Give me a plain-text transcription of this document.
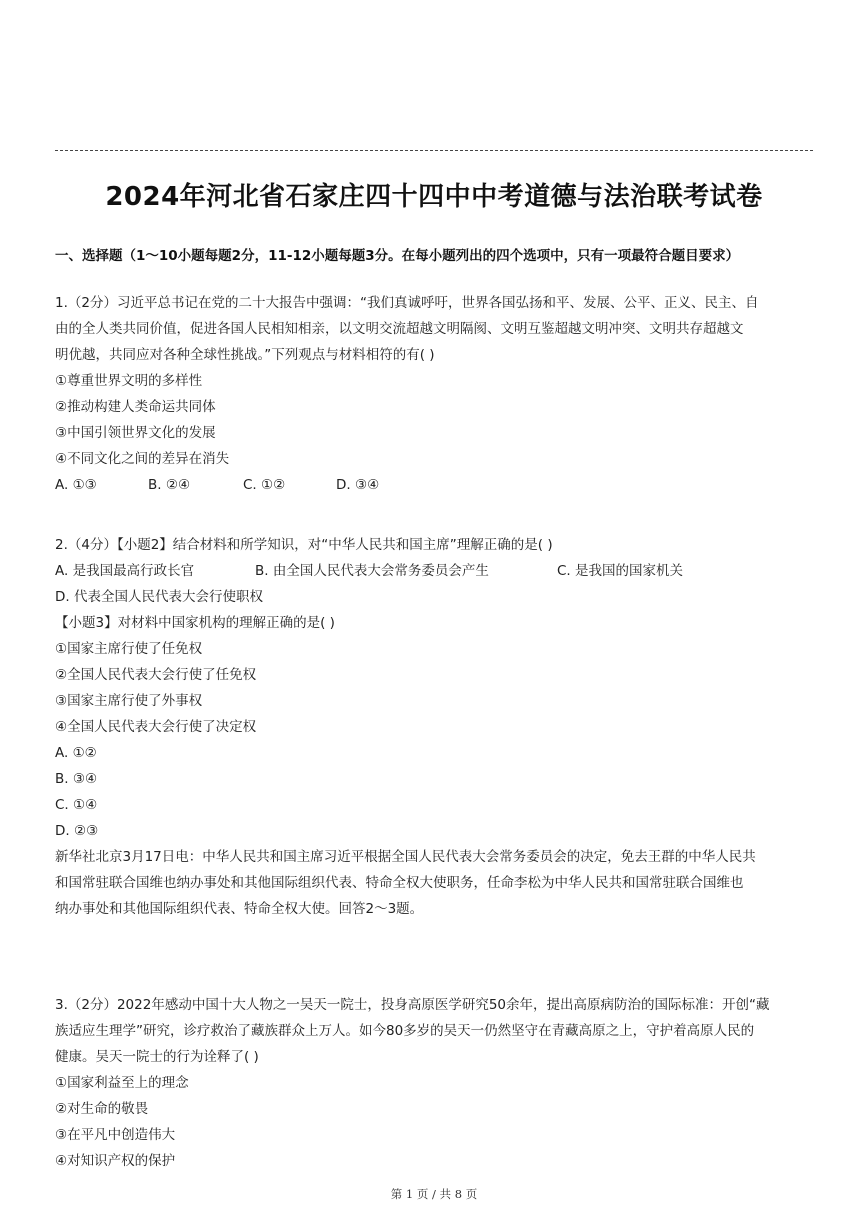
2024年河北省石家庄四十四中中考道德与法治联考试卷
一、选择题（1～10小题每题2分，11-12小题每题3分。在每小题列出的四个选项中，只有一项最符合题目要求）
1.（2分）习近平总书记在党的二十大报告中强调：“我们真诚呼吁，世界各国弘扬和平、发展、公平、正义、民主、自
由的全人类共同价值，促进各国人民相知相亲，以文明交流超越文明隔阂、文明互鉴超越文明冲突、文明共存超越文
明优越，共同应对各种全球性挑战。”下列观点与材料相符的有( )
①尊重世界文明的多样性
②推动构建人类命运共同体
③中国引领世界文化的发展
④不同文化之间的差异在消失
A. ①③	B. ②④	C. ①②	D. ③④
2.（4分）【小题2】结合材料和所学知识，对“中华人民共和国主席”理解正确的是( )
A. 是我国最高行政长官	B. 由全国人民代表大会常务委员会产生	C. 是我国的国家机关
D. 代表全国人民代表大会行使职权
【小题3】对材料中国家机构的理解正确的是( )
①国家主席行使了任免权
②全国人民代表大会行使了任免权
③国家主席行使了外事权
④全国人民代表大会行使了决定权
A. ①②
B. ③④
C. ①④
D. ②③
新华社北京3月17日电：中华人民共和国主席习近平根据全国人民代表大会常务委员会的决定，免去王群的中华人民共
和国常驻联合国维也纳办事处和其他国际组织代表、特命全权大使职务，任命李松为中华人民共和国常驻联合国维也
纳办事处和其他国际组织代表、特命全权大使。回答2～3题。
3.（2分）2022年感动中国十大人物之一吴天一院士，投身高原医学研究50余年，提出高原病防治的国际标准：开创“藏
族适应生理学”研究，诊疗救治了藏族群众上万人。如今80多岁的吴天一仍然坚守在青藏高原之上，守护着高原人民的
健康。吴天一院士的行为诠释了( )
①国家利益至上的理念
②对生命的敬畏
③在平凡中创造伟大
④对知识产权的保护
第 1 页 / 共 8 页
